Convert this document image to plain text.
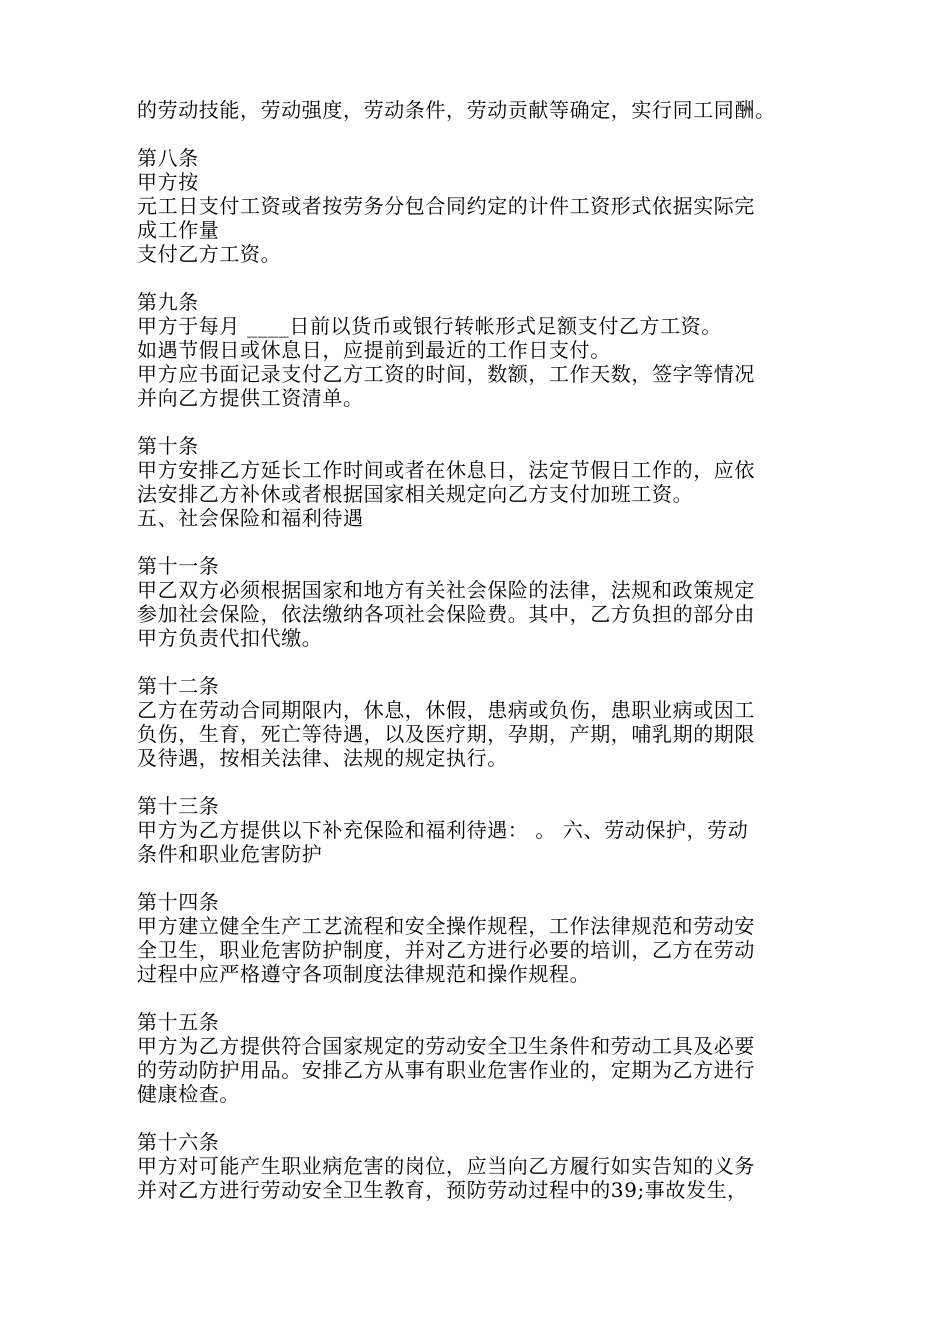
的劳动技能，劳动强度，劳动条件，劳动贡献等确定，实行同工同酬。
第八条
甲方按
元工日支付工资或者按劳务分包合同约定的计件工资形式依据实际完
成工作量
支付乙方工资。
第九条
甲方于每月 ____日前以货币或银行转帐形式足额支付乙方工资。
如遇节假日或休息日，应提前到最近的工作日支付。
甲方应书面记录支付乙方工资的时间，数额，工作天数，签字等情况
并向乙方提供工资清单。
第十条
甲方安排乙方延长工作时间或者在休息日，法定节假日工作的，应依
法安排乙方补休或者根据国家相关规定向乙方支付加班工资。
五、社会保险和福利待遇
第十一条
甲乙双方必须根据国家和地方有关社会保险的法律，法规和政策规定
参加社会保险，依法缴纳各项社会保险费。其中，乙方负担的部分由
甲方负责代扣代缴。
第十二条
乙方在劳动合同期限内，休息，休假，患病或负伤，患职业病或因工
负伤，生育，死亡等待遇，以及医疗期，孕期，产期，哺乳期的期限
及待遇，按相关法律、法规的规定执行。
第十三条
甲方为乙方提供以下补充保险和福利待遇： 。 六、劳动保护，劳动
条件和职业危害防护
第十四条
甲方建立健全生产工艺流程和安全操作规程，工作法律规范和劳动安
全卫生，职业危害防护制度，并对乙方进行必要的培训，乙方在劳动
过程中应严格遵守各项制度法律规范和操作规程。
第十五条
甲方为乙方提供符合国家规定的劳动安全卫生条件和劳动工具及必要
的劳动防护用品。安排乙方从事有职业危害作业的，定期为乙方进行
健康检查。
第十六条
甲方对可能产生职业病危害的岗位，应当向乙方履行如实告知的义务
并对乙方进行劳动安全卫生教育，预防劳动过程中的39;事故发生，
